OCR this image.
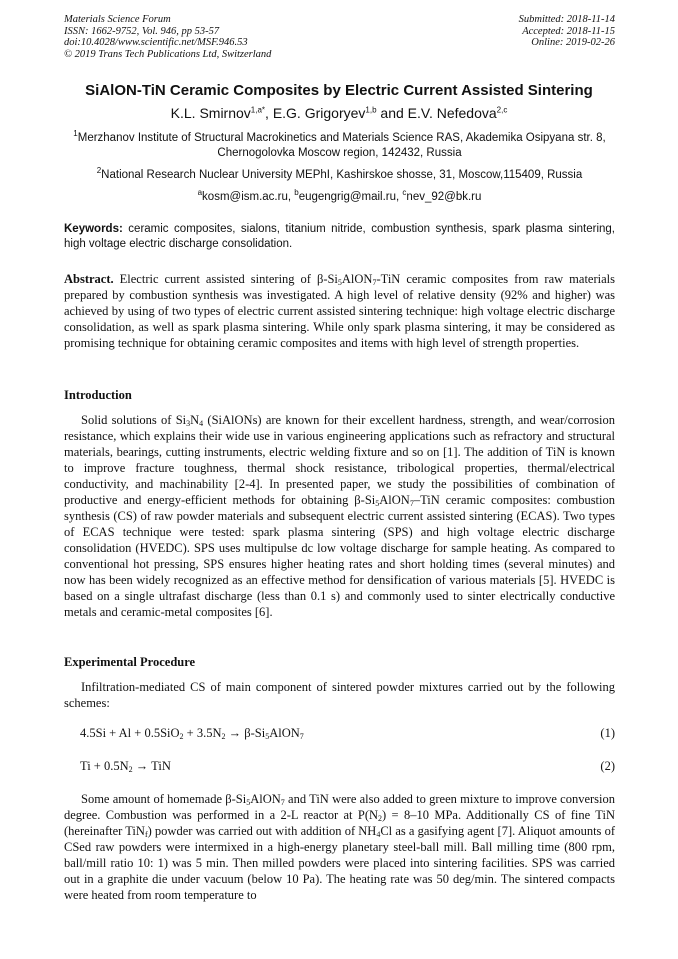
Materials Science Forum
ISSN: 1662-9752, Vol. 946, pp 53-57
doi:10.4028/www.scientific.net/MSF.946.53
© 2019 Trans Tech Publications Ltd, Switzerland
Submitted: 2018-11-14
Accepted: 2018-11-15
Online: 2019-02-26
SiAlON-TiN Ceramic Composites by Electric Current Assisted Sintering
K.L. Smirnov$^{1,a*}$, E.G. Grigoryev$^{1,b}$ and E.V. Nefedova$^{2,c}$
$^1$Merzhanov Institute of Structural Macrokinetics and Materials Science RAS, Akademika Osipyana str. 8, Chernogolovka Moscow region, 142432, Russia
$^2$National Research Nuclear University MEPhI, Kashirskoe shosse, 31, Moscow,115409, Russia
$^a$kosm@ism.ac.ru, $^b$eugengrig@mail.ru, $^c$nev_92@bk.ru
Keywords: ceramic composites, sialons, titanium nitride, combustion synthesis, spark plasma sintering, high voltage electric discharge consolidation.
Abstract. Electric current assisted sintering of $\beta-Si_5AlON_7$-TiN ceramic composites from raw materials prepared by combustion synthesis was investigated. A high level of relative density (92% and higher) was achieved by using of two types of electric current assisted sintering technique: high voltage electric discharge consolidation, as well as spark plasma sintering. While only spark plasma sintering, it may be considered as promising technique for obtaining ceramic composites and items with high level of strength properties.
Introduction
Solid solutions of $Si_3N_4$ (SiAlONs) are known for their excellent hardness, strength, and wear/corrosion resistance, which explains their wide use in various engineering applications such as refractory and structural materials, bearings, cutting instruments, electric welding fixture and so on [1]. The addition of TiN is known to improve fracture toughness, thermal shock resistance, tribological properties, thermal/electrical conductivity, and machinability [2-4]. In presented paper, we study the possibilities of combination of productive and energy-efficient methods for obtaining $\beta-Si_5AlON_7$–TiN ceramic composites: combustion synthesis (CS) of raw powder materials and subsequent electric current assisted sintering (ECAS). Two types of ECAS technique were tested: spark plasma sintering (SPS) and high voltage electric discharge consolidation (HVEDC). SPS uses multipulse dc low voltage discharge for sample heating. As compared to conventional hot pressing, SPS ensures higher heating rates and short holding times (several minutes) and now has been widely recognized as an effective method for densification of various materials [5]. HVEDC is based on a single ultrafast discharge (less than 0.1 s) and commonly used to sinter electrically conductive metals and ceramic-metal composites [6].
Experimental Procedure
Infiltration-mediated CS of main component of sintered powder mixtures carried out by the following schemes:
$4.5Si + Al + 0.5SiO_2 + 3.5N_2$ → $\beta-Si_5AlON_7$	(1)
$Ti + 0.5N_2$ → TiN	(2)
Some amount of homemade $\beta-Si_5AlON_7$ and TiN were also added to green mixture to improve conversion degree. Combustion was performed in a 2-L reactor at $P(N_2) = 8-10$ MPa. Additionally CS of fine TiN (hereinafter TiN$_f$) powder was carried out with addition of $NH_4Cl$ as a gasifying agent [7]. Aliquot amounts of CSed raw powders were intermixed in a high-energy planetary steel-ball mill. Ball milling time (800 rpm, ball/mill ratio 10: 1) was 5 min. Then milled powders were placed into sintering facilities. SPS was carried out in a graphite die under vacuum (below 10 Pa). The heating rate was 50 deg/min. The sintered compacts were heated from room temperature to
